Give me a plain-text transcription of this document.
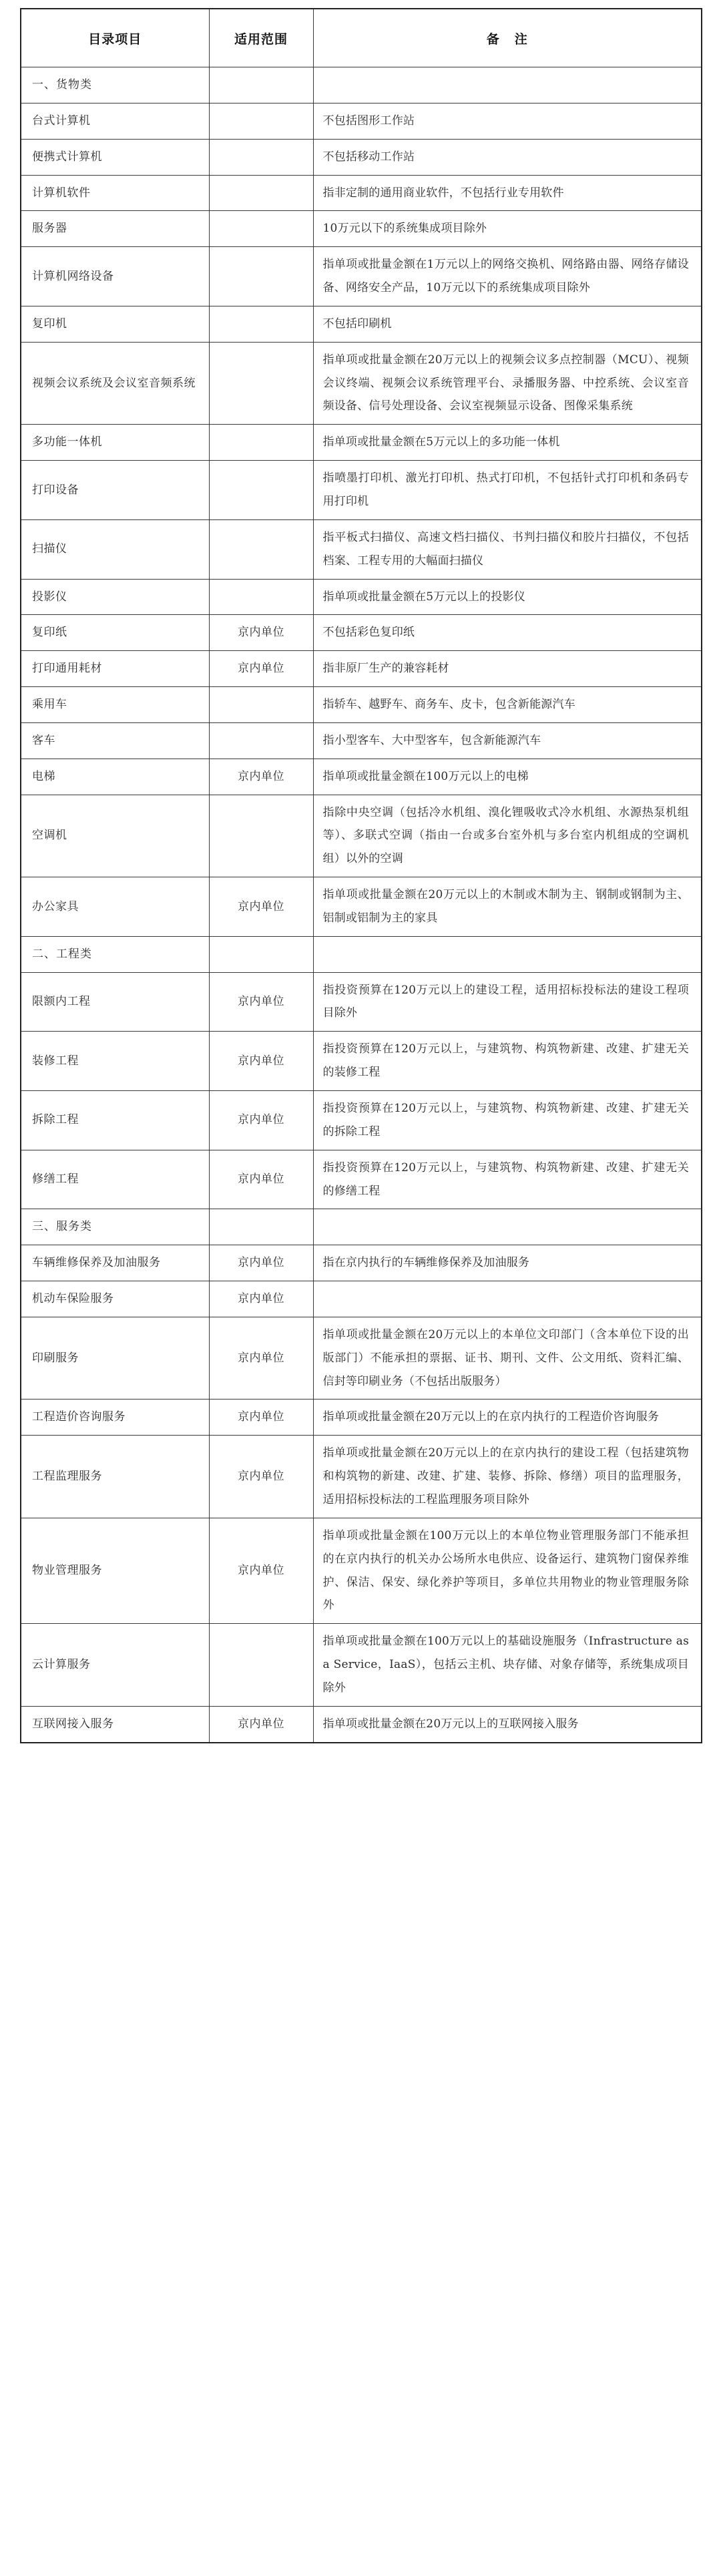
目录项目	适用范围	备 注
一、货物类		
台式计算机		不包括图形工作站
便携式计算机		不包括移动工作站
计算机软件		指非定制的通用商业软件，不包括行业专用软件
服务器		10万元以下的系统集成项目除外
计算机网络设备		指单项或批量金额在1万元以上的网络交换机、网络路由器、网络存储设备、网络安全产品，10万元以下的系统集成项目除外
复印机		不包括印刷机
视频会议系统及会议室音频系统		指单项或批量金额在20万元以上的视频会议多点控制器（MCU）、视频会议终端、视频会议系统管理平台、录播服务器、中控系统、会议室音频设备、信号处理设备、会议室视频显示设备、图像采集系统
多功能一体机		指单项或批量金额在5万元以上的多功能一体机
打印设备		指喷墨打印机、激光打印机、热式打印机，不包括针式打印机和条码专用打印机
扫描仪		指平板式扫描仪、高速文档扫描仪、书判扫描仪和胶片扫描仪，不包括档案、工程专用的大幅面扫描仪
投影仪		指单项或批量金额在5万元以上的投影仪
复印纸	京内单位	不包括彩色复印纸
打印通用耗材	京内单位	指非原厂生产的兼容耗材
乘用车		指轿车、越野车、商务车、皮卡，包含新能源汽车
客车		指小型客车、大中型客车，包含新能源汽车
电梯	京内单位	指单项或批量金额在100万元以上的电梯
空调机		指除中央空调（包括冷水机组、溴化锂吸收式冷水机组、水源热泵机组等）、多联式空调（指由一台或多台室外机与多台室内机组成的空调机组）以外的空调
办公家具	京内单位	指单项或批量金额在20万元以上的木制或木制为主、钢制或钢制为主、铝制或铝制为主的家具
二、工程类		
限额内工程	京内单位	指投资预算在120万元以上的建设工程，适用招标投标法的建设工程项目除外
装修工程	京内单位	指投资预算在120万元以上，与建筑物、构筑物新建、改建、扩建无关的装修工程
拆除工程	京内单位	指投资预算在120万元以上，与建筑物、构筑物新建、改建、扩建无关的拆除工程
修缮工程	京内单位	指投资预算在120万元以上，与建筑物、构筑物新建、改建、扩建无关的修缮工程
三、服务类		
车辆维修保养及加油服务	京内单位	指在京内执行的车辆维修保养及加油服务
机动车保险服务	京内单位	
印刷服务	京内单位	指单项或批量金额在20万元以上的本单位文印部门（含本单位下设的出版部门）不能承担的票据、证书、期刊、文件、公文用纸、资料汇编、信封等印刷业务（不包括出版服务）
工程造价咨询服务	京内单位	指单项或批量金额在20万元以上的在京内执行的工程造价咨询服务
工程监理服务	京内单位	指单项或批量金额在20万元以上的在京内执行的建设工程（包括建筑物和构筑物的新建、改建、扩建、装修、拆除、修缮）项目的监理服务，适用招标投标法的工程监理服务项目除外
物业管理服务	京内单位	指单项或批量金额在100万元以上的本单位物业管理服务部门不能承担的在京内执行的机关办公场所水电供应、设备运行、建筑物门窗保养维护、保洁、保安、绿化养护等项目，多单位共用物业的物业管理服务除外
云计算服务		指单项或批量金额在100万元以上的基础设施服务（Infrastructure as a Service，IaaS），包括云主机、块存储、对象存储等，系统集成项目除外
互联网接入服务	京内单位	指单项或批量金额在20万元以上的互联网接入服务
